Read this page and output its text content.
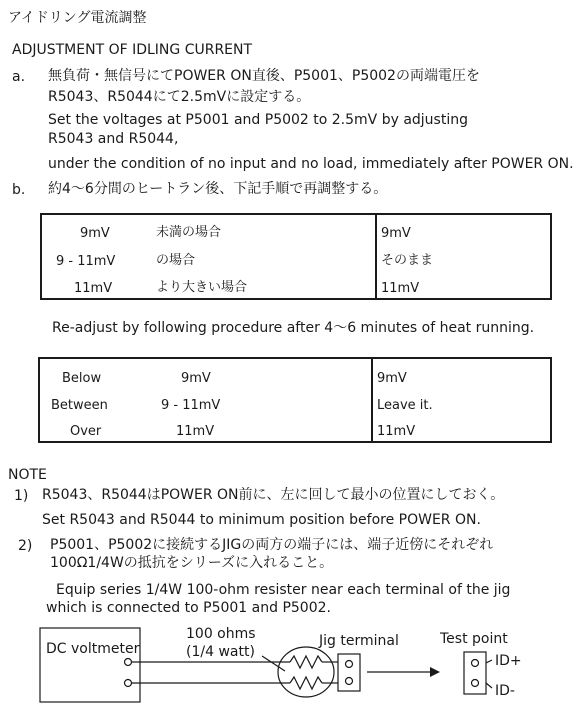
アイドリング電流調整
ADJUSTMENT OF IDLING CURRENT
a. 無負荷・無信号にてPOWER ON直後、P5001、P5002の両端電圧を
R5043、R5044にて2.5mVに設定する。
Set the voltages at P5001 and P5002 to 2.5mV by adjusting
R5043 and R5044,
under the condition of no input and no load, immediately after POWER ON.
b. 約4〜6分間のヒートラン後、下記手順で再調整する。
9mV	未満の場合	9mV
9 - 11mV	の場合	そのまま
11mV	より大きい場合	11mV
Re-adjust by following procedure after 4〜6 minutes of heat running.
Below	9mV	9mV
Between	9 - 11mV	Leave it.
Over	11mV	11mV
NOTE
1) R5043、R5044はPOWER ON前に、左に回して最小の位置にしておく。
Set R5043 and R5044 to minimum position before POWER ON.
2) P5001、P5002に接続するJIGの両方の端子には、端子近傍にそれぞれ
100Ω1/4Wの抵抗をシリーズに入れること。
Equip series 1/4W 100-ohm resister near each terminal of the jig
which is connected to P5001 and P5002.
DC voltmeter
100 ohms
(1/4 watt)
Jig terminal	Test point
ID+
ID-
